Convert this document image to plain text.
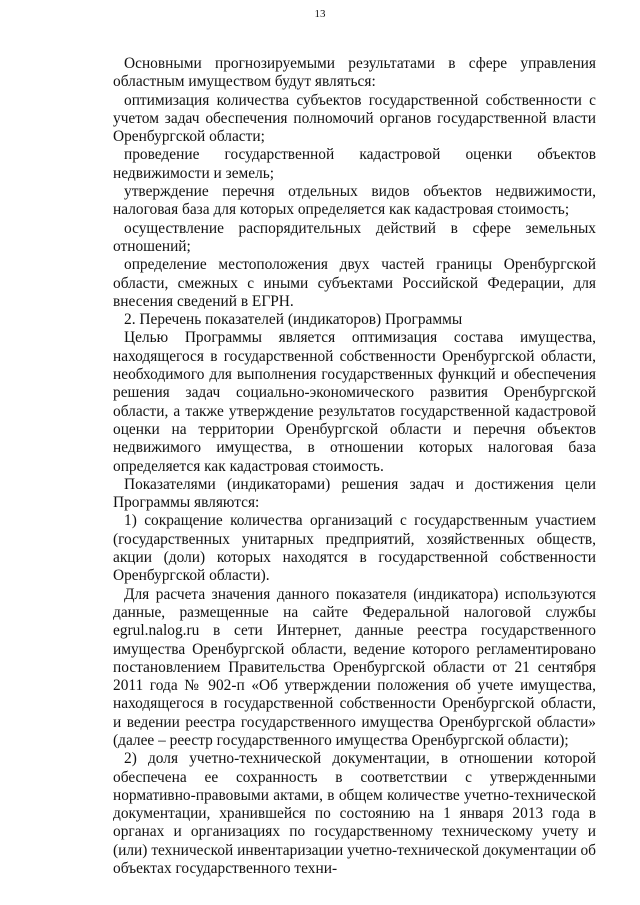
13

Основными прогнозируемыми результатами в сфере управления областным имуществом будут являться:

оптимизация количества субъектов государственной собственности с учетом задач обеспечения полномочий органов государственной власти Оренбургской области;

проведение государственной кадастровой оценки объектов недвижимости и земель;

утверждение перечня отдельных видов объектов недвижимости, налоговая база для которых определяется как кадастровая стоимость;

осуществление распорядительных действий в сфере земельных отношений;

определение местоположения двух частей границы Оренбургской области, смежных с иными субъектами Российской Федерации, для внесения сведений в ЕГРН.

2. Перечень показателей (индикаторов) Программы

Целью Программы является оптимизация состава имущества, находящегося в государственной собственности Оренбургской области, необходимого для выполнения государственных функций и обеспечения решения задач социально-экономического развития Оренбургской области, а также утверждение результатов государственной кадастровой оценки на территории Оренбургской области и перечня объектов недвижимого имущества, в отношении которых налоговая база определяется как кадастровая стоимость.

Показателями (индикаторами) решения задач и достижения цели Программы являются:

1) сокращение количества организаций с государственным участием (государственных унитарных предприятий, хозяйственных обществ, акции (доли) которых находятся в государственной собственности Оренбургской области).

Для расчета значения данного показателя (индикатора) используются данные, размещенные на сайте Федеральной налоговой службы egrul.nalog.ru в сети Интернет, данные реестра государственного имущества Оренбургской области, ведение которого регламентировано постановлением Правительства Оренбургской области от 21 сентября 2011 года № 902-п «Об утверждении положения об учете имущества, находящегося в государственной собственности Оренбургской области, и ведении реестра государственного имущества Оренбургской области» (далее – реестр государственного имущества Оренбургской области);

2) доля учетно-технической документации, в отношении которой обеспечена ее сохранность в соответствии с утвержденными нормативно-правовыми актами, в общем количестве учетно-технической документации, хранившейся по состоянию на 1 января 2013 года в органах и организациях по государственному техническому учету и (или) технической инвентаризации учетно-технической документации об объектах государственного техни-
